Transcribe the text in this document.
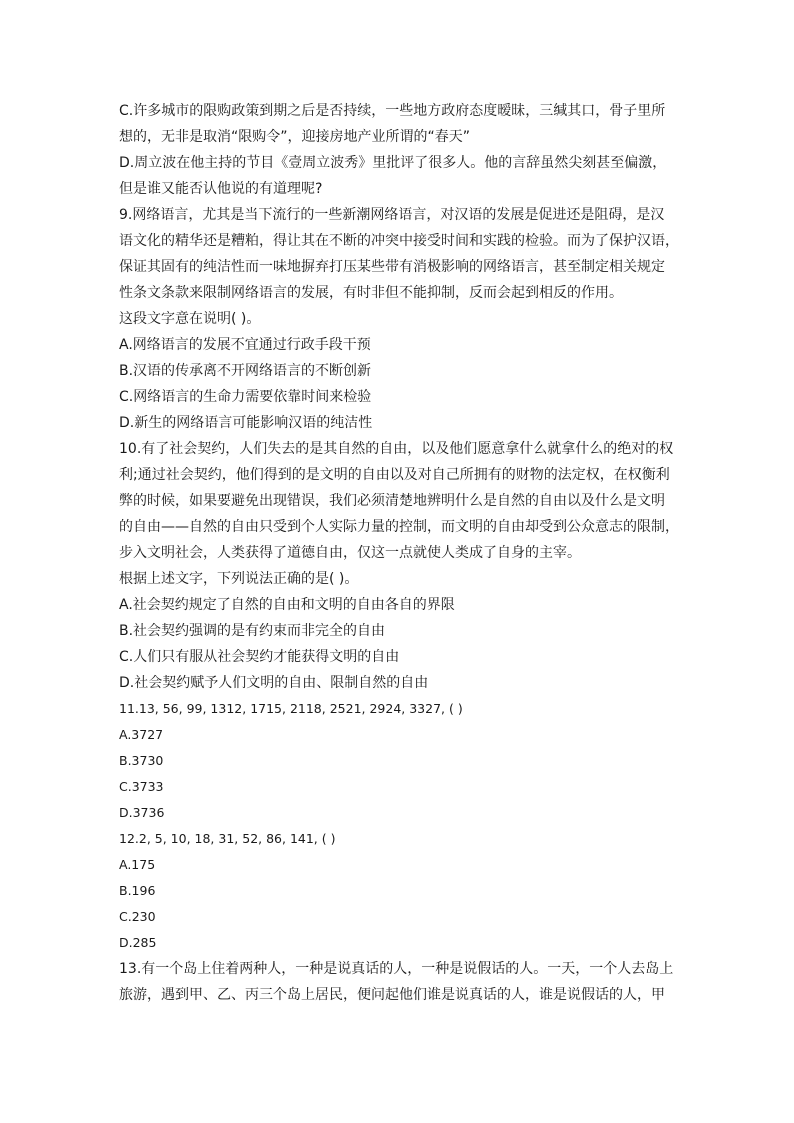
C.许多城市的限购政策到期之后是否持续，一些地方政府态度暧昧，三缄其口，骨子里所
想的，无非是取消“限购令”，迎接房地产业所谓的“春天”
D.周立波在他主持的节目《壹周立波秀》里批评了很多人。他的言辞虽然尖刻甚至偏激，
但是谁又能否认他说的有道理呢?
9.网络语言，尤其是当下流行的一些新潮网络语言，对汉语的发展是促进还是阻碍，是汉
语文化的精华还是糟粕，得让其在不断的冲突中接受时间和实践的检验。而为了保护汉语，
保证其固有的纯洁性而一味地摒弃打压某些带有消极影响的网络语言，甚至制定相关规定
性条文条款来限制网络语言的发展，有时非但不能抑制，反而会起到相反的作用。
这段文字意在说明( )。
A.网络语言的发展不宜通过行政手段干预
B.汉语的传承离不开网络语言的不断创新
C.网络语言的生命力需要依靠时间来检验
D.新生的网络语言可能影响汉语的纯洁性
10.有了社会契约，人们失去的是其自然的自由，以及他们愿意拿什么就拿什么的绝对的权
利;通过社会契约，他们得到的是文明的自由以及对自己所拥有的财物的法定权，在权衡利
弊的时候，如果要避免出现错误，我们必须清楚地辨明什么是自然的自由以及什么是文明
的自由——自然的自由只受到个人实际力量的控制，而文明的自由却受到公众意志的限制，
步入文明社会，人类获得了道德自由，仅这一点就使人类成了自身的主宰。
根据上述文字，下列说法正确的是( )。
A.社会契约规定了自然的自由和文明的自由各自的界限
B.社会契约强调的是有约束而非完全的自由
C.人们只有服从社会契约才能获得文明的自由
D.社会契约赋予人们文明的自由、限制自然的自由
11.13, 56, 99, 1312, 1715, 2118, 2521, 2924, 3327, ( )
A.3727
B.3730
C.3733
D.3736
12.2, 5, 10, 18, 31, 52, 86, 141, ( )
A.175
B.196
C.230
D.285
13.有一个岛上住着两种人，一种是说真话的人，一种是说假话的人。一天，一个人去岛上
旅游，遇到甲、乙、丙三个岛上居民，便问起他们谁是说真话的人，谁是说假话的人，甲
